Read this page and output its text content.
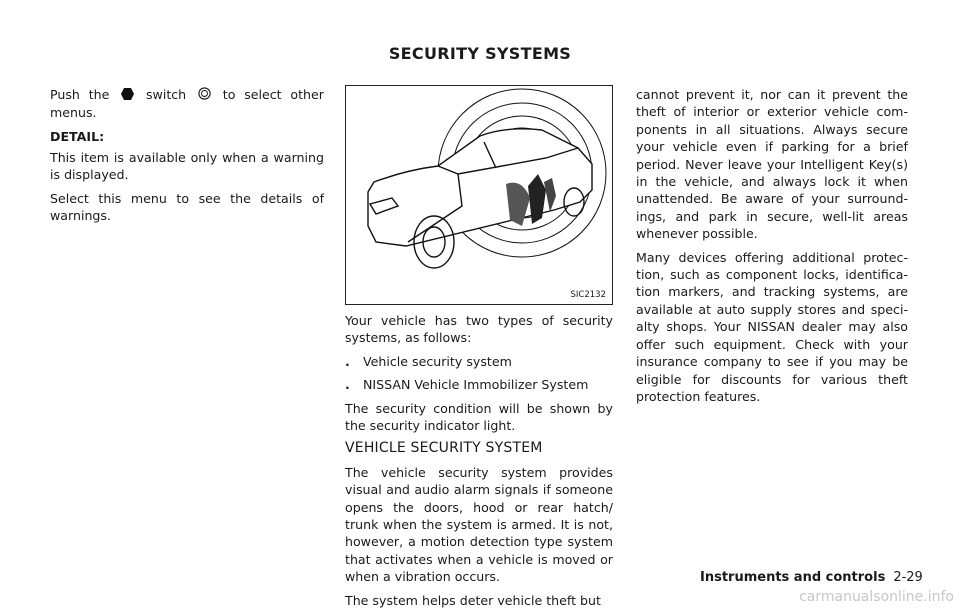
SECURITY SYSTEMS

Push the	switch	to select other menus.

DETAIL:

This item is available only when a warning is displayed.

Select this menu to see the details of warnings.

SIC2132

Your vehicle has two types of security systems, as follows:

.	Vehicle security system
.	NISSAN Vehicle Immobilizer System

The security condition will be shown by the security indicator light.

VEHICLE SECURITY SYSTEM

The vehicle security system provides visual and audio alarm signals if someone opens the doors, hood or rear hatch/ trunk when the system is armed. It is not, however, a motion detection type system that activates when a vehicle is moved or when a vibration occurs.

The system helps deter vehicle theft but

cannot prevent it, nor can it prevent the theft of interior or exterior vehicle com- ponents in all situations. Always secure your vehicle even if parking for a brief period. Never leave your Intelligent Key(s) in the vehicle, and always lock it when unattended. Be aware of your surround- ings, and park in secure, well-lit areas whenever possible.

Many devices offering additional protec- tion, such as component locks, identifica- tion markers, and tracking systems, are available at auto supply stores and speci- alty shops. Your NISSAN dealer may also offer such equipment. Check with your insurance company to see if you may be eligible for discounts for various theft protection features.

Instruments and controls 2-29
carmanualsonline.info
